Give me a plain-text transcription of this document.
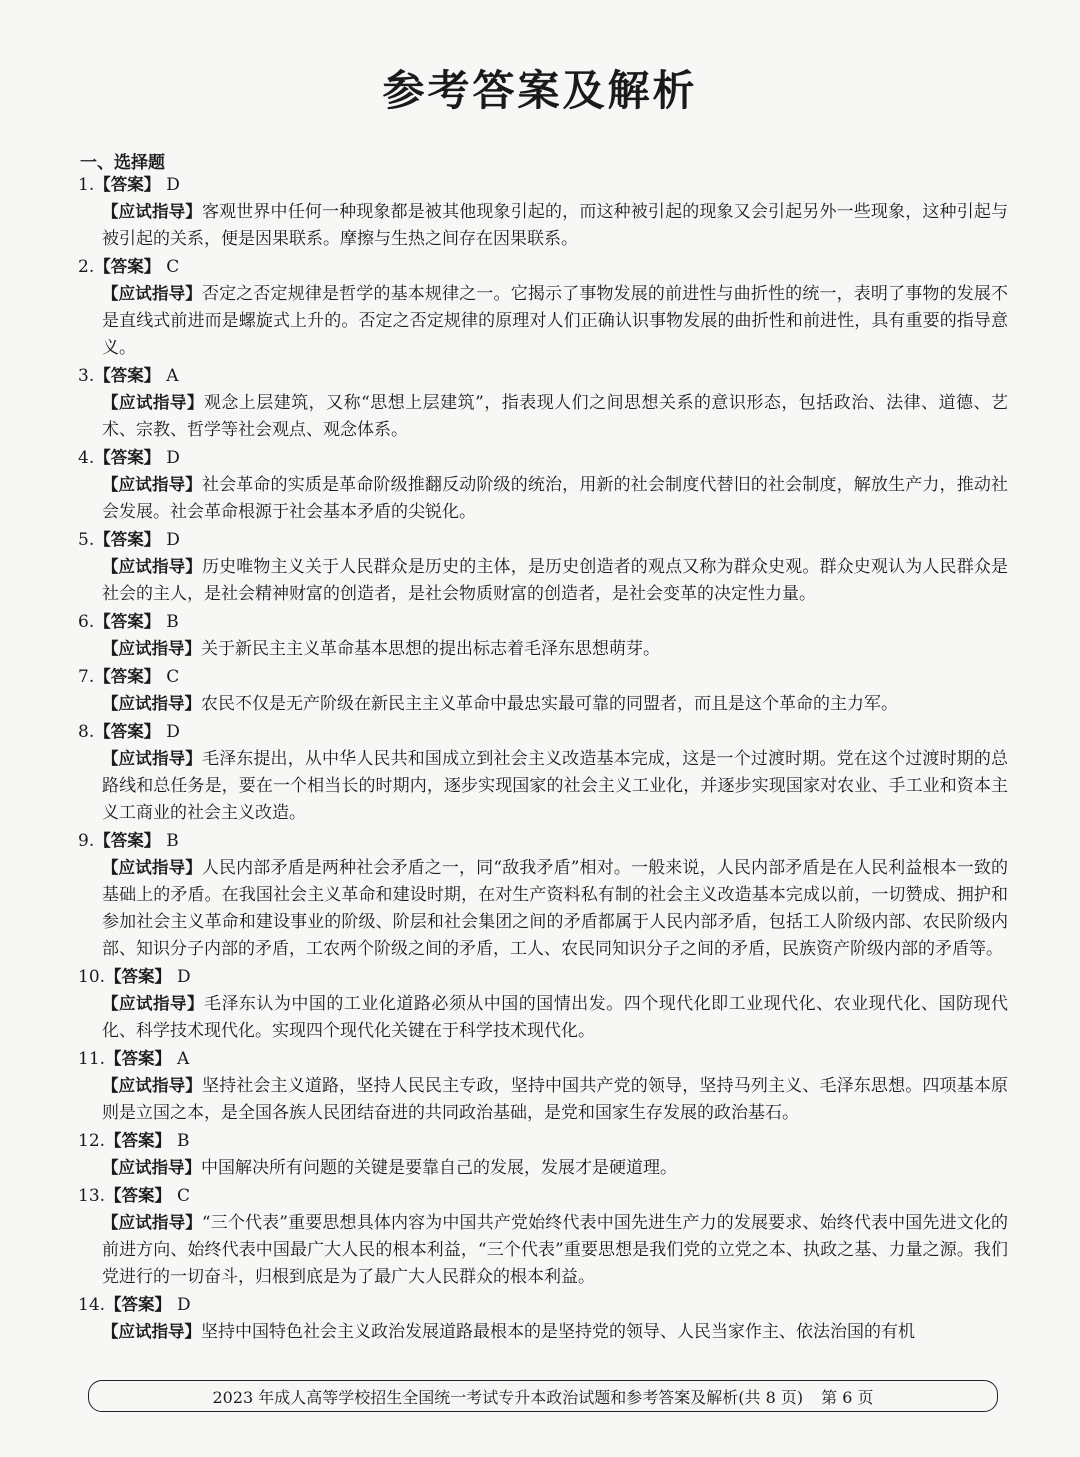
参考答案及解析
一、选择题
1.【答案】 D
【应试指导】客观世界中任何一种现象都是被其他现象引起的，而这种被引起的现象又会引起另外一些现象，这种引起与被引起的关系，便是因果联系。摩擦与生热之间存在因果联系。
2.【答案】 C
【应试指导】否定之否定规律是哲学的基本规律之一。它揭示了事物发展的前进性与曲折性的统一，表明了事物的发展不是直线式前进而是螺旋式上升的。否定之否定规律的原理对人们正确认识事物发展的曲折性和前进性，具有重要的指导意义。
3.【答案】 A
【应试指导】观念上层建筑，又称“思想上层建筑”，指表现人们之间思想关系的意识形态，包括政治、法律、道德、艺术、宗教、哲学等社会观点、观念体系。
4.【答案】 D
【应试指导】社会革命的实质是革命阶级推翻反动阶级的统治，用新的社会制度代替旧的社会制度，解放生产力，推动社会发展。社会革命根源于社会基本矛盾的尖锐化。
5.【答案】 D
【应试指导】历史唯物主义关于人民群众是历史的主体，是历史创造者的观点又称为群众史观。群众史观认为人民群众是社会的主人，是社会精神财富的创造者，是社会物质财富的创造者，是社会变革的决定性力量。
6.【答案】 B
【应试指导】关于新民主主义革命基本思想的提出标志着毛泽东思想萌芽。
7.【答案】 C
【应试指导】农民不仅是无产阶级在新民主主义革命中最忠实最可靠的同盟者，而且是这个革命的主力军。
8.【答案】 D
【应试指导】毛泽东提出，从中华人民共和国成立到社会主义改造基本完成，这是一个过渡时期。党在这个过渡时期的总路线和总任务是，要在一个相当长的时期内，逐步实现国家的社会主义工业化，并逐步实现国家对农业、手工业和资本主义工商业的社会主义改造。
9.【答案】 B
【应试指导】人民内部矛盾是两种社会矛盾之一，同“敌我矛盾”相对。一般来说，人民内部矛盾是在人民利益根本一致的基础上的矛盾。在我国社会主义革命和建设时期，在对生产资料私有制的社会主义改造基本完成以前，一切赞成、拥护和参加社会主义革命和建设事业的阶级、阶层和社会集团之间的矛盾都属于人民内部矛盾，包括工人阶级内部、农民阶级内部、知识分子内部的矛盾，工农两个阶级之间的矛盾，工人、农民同知识分子之间的矛盾，民族资产阶级内部的矛盾等。
10.【答案】 D
【应试指导】毛泽东认为中国的工业化道路必须从中国的国情出发。四个现代化即工业现代化、农业现代化、国防现代化、科学技术现代化。实现四个现代化关键在于科学技术现代化。
11.【答案】 A
【应试指导】坚持社会主义道路，坚持人民民主专政，坚持中国共产党的领导，坚持马列主义、毛泽东思想。四项基本原则是立国之本，是全国各族人民团结奋进的共同政治基础，是党和国家生存发展的政治基石。
12.【答案】 B
【应试指导】中国解决所有问题的关键是要靠自己的发展，发展才是硬道理。
13.【答案】 C
【应试指导】“三个代表”重要思想具体内容为中国共产党始终代表中国先进生产力的发展要求、始终代表中国先进文化的前进方向、始终代表中国最广大人民的根本利益，“三个代表”重要思想是我们党的立党之本、执政之基、力量之源。我们党进行的一切奋斗，归根到底是为了最广大人民群众的根本利益。
14.【答案】 D
【应试指导】坚持中国特色社会主义政治发展道路最根本的是坚持党的领导、人民当家作主、依法治国的有机
2023 年成人高等学校招生全国统一考试专升本政治试题和参考答案及解析(共 8 页) 第 6 页
